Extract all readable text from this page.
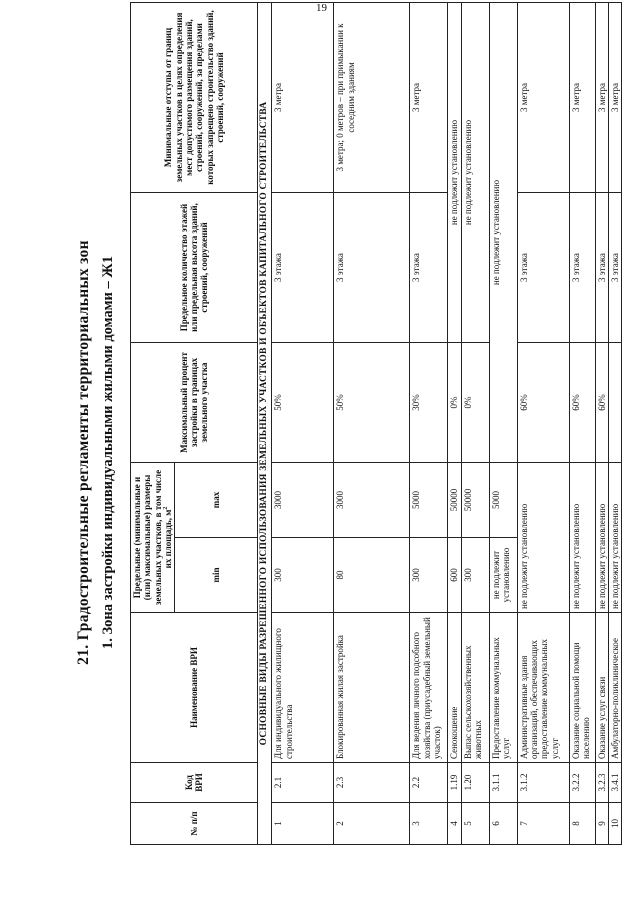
19
21. Градостроительные регламенты территориальных зон 1. Зона застройки индивидуальными жилыми домами – Ж1
№ п/п	Код ВРИ	Наименование ВРИ	Предельные (минимальные и (или) максимальные) размеры земельных участков, в том числе их площадь, $м^2$		Максимальный процент застройки в границах земельного участка	Предельное количество этажей или предельная высота зданий, строений, сооружений	Минимальные отступы от границ земельных участков в целях определения мест допустимого размещения зданий, строений, сооружений, за пределами которых запрещено строительство зданий, строений, сооружений
			min	max			
ОСНОВНЫЕ ВИДЫ РАЗРЕШЕННОГО ИСПОЛЬЗОВАНИЯ ЗЕМЕЛЬНЫХ УЧАСТКОВ И ОБЪЕКТОВ КАПИТАЛЬНОГО СТРОИТЕЛЬСТВА							
1	2.1	Для индивидуального жилищного строительства	300	3000	50%	3 этажа	3 метра
2	2.3	Блокированная жилая застройка	80	3000	50%	3 этажа	3 метра; 0 метров – при примыкании к соседним зданиям
3	2.2	Для ведения личного подсобного хозяйства (приусадебный земельный участок)	300	5000	30%	3 этажа	3 метра
4	1.19	Сенокошение	600	50000	0%	не подлежит установлению	
5	1.20	Выпас сельскохозяйственных животных	300	50000	0%	не подлежит установлению	
6	3.1.1	Предоставление коммунальных услуг	не подлежит установлению	5000	не подлежит установлению		
7	3.1.2	Административные здания организаций, обеспечивающих предоставление коммунальных услуг	не подлежит установлению		60%	3 этажа	3 метра
8	3.2.2	Оказание социальной помощи населению	не подлежит установлению		60%	3 этажа	3 метра
9	3.2.3	Оказание услуг связи	не подлежит установлению		60%	3 этажа	3 метра
10	3.4.1	Амбулаторно-поликлиническое	не подлежит установлению			3 этажа	3 метра
